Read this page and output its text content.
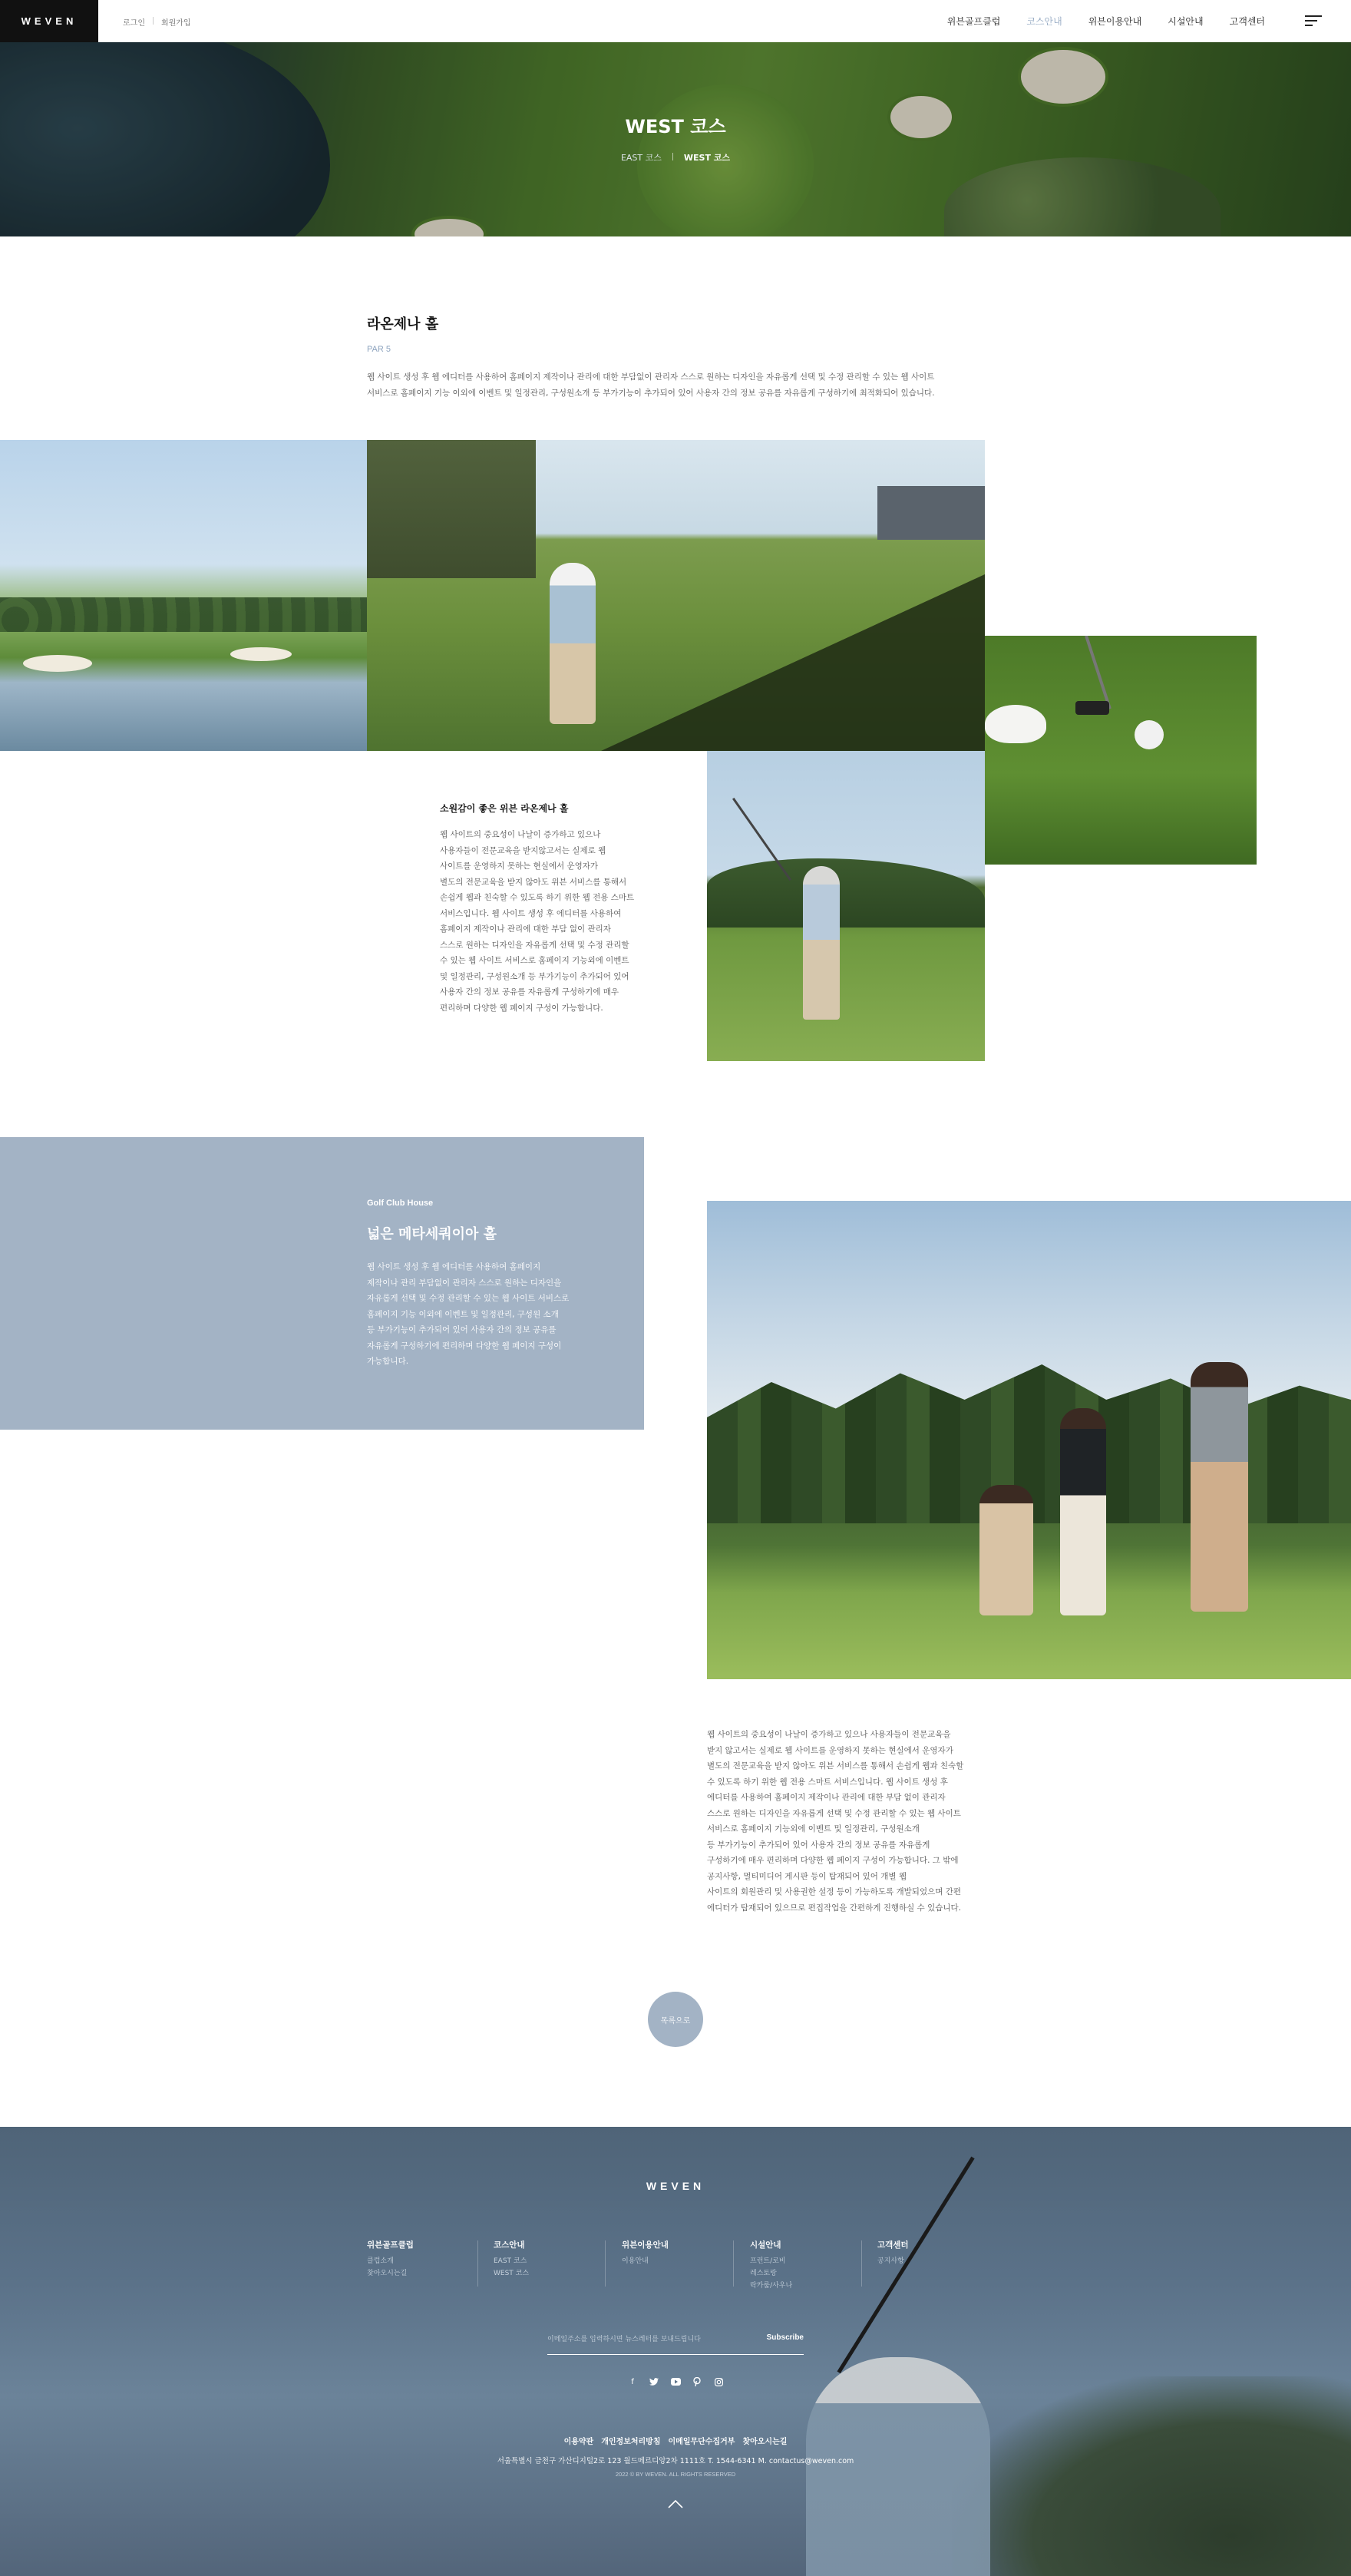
WEVEN	로그인 회원가입	위븐골프클럽	코스안내	위븐이용안내	시설안내	고객센터
WEST 코스
EAST 코스	WEST 코스
라온제나 홀
PAR 5
웹 사이트 생성 후 웹 에디터를 사용하여 홈페이지 제작이나 관리에 대한 부담없이 관리자 스스로 원하는 디자인을 자유롭게 선택 및 수정 관리할 수 있는 웹 사이트
서비스로 홈페이지 기능 이외에 이벤트 및 일정관리, 구성원소개 등 부가기능이 추가되어 있어 사용자 간의 정보 공유를 자유롭게 구성하기에 최적화되어 있습니다.
소원감이 좋은 위븐 라온제나 홀
웹 사이트의 중요성이 나날이 증가하고 있으나
사용자들이 전문교육을 받지않고서는 실제로 웹
사이트를 운영하지 못하는 현실에서 운영자가
별도의 전문교육을 받지 않아도 위븐 서비스를 통해서
손쉽게 웹과 친숙할 수 있도록 하기 위한 웹 전용 스마트
서비스입니다. 웹 사이트 생성 후 에디터를 사용하여
홈페이지 제작이나 관리에 대한 부담 없이 관리자
스스로 원하는 디자인을 자유롭게 선택 및 수정 관리할
수 있는 웹 사이트 서비스로 홈페이지 기능외에 이벤트
및 일정관리, 구성원소개 등 부가기능이 추가되어 있어
사용자 간의 정보 공유를 자유롭게 구성하기에 매우
편리하며 다양한 웹 페이지 구성이 가능합니다.
Golf Club House
넓은 메타세쿼이아 홀
웹 사이트 생성 후 웹 에디터를 사용하여 홈페이지
제작이나 관리 부담없이 관리자 스스로 원하는 디자인을
자유롭게 선택 및 수정 관리할 수 있는 웹 사이트 서비스로
홈페이지 기능 이외에 이벤트 및 일정관리, 구성원 소개
등 부가기능이 추가되어 있어 사용자 간의 정보 공유를
자유롭게 구성하기에 편리하며 다양한 웹 페이지 구성이
가능합니다.
웹 사이트의 중요성이 나날이 증가하고 있으나 사용자들이 전문교육을
받지 않고서는 실제로 웹 사이트를 운영하지 못하는 현실에서 운영자가
별도의 전문교육을 받지 않아도 위븐 서비스를 통해서 손쉽게 웹과 친숙할
수 있도록 하기 위한 웹 전용 스마트 서비스입니다. 웹 사이트 생성 후
에디터를 사용하여 홈페이지 제작이나 관리에 대한 부담 없이 관리자
스스로 원하는 디자인을 자유롭게 선택 및 수정 관리할 수 있는 웹 사이트
서비스로 홈페이지 기능외에 이벤트 및 일정관리, 구성원소개
등 부가기능이 추가되어 있어 사용자 간의 정보 공유를 자유롭게
구성하기에 매우 편리하며 다양한 웹 페이지 구성이 가능합니다. 그 밖에
공지사항, 멀티미디어 게시판 등이 탑재되어 있어 개별 웹
사이트의 회원관리 및 사용권한 설정 등이 가능하도록 개발되었으며 간편
에디터가 탑재되어 있으므로 편집작업을 간편하게 진행하실 수 있습니다.
목록으로
WEVEN
위븐골프클럽
클럽소개
찾아오시는길
코스안내
EAST 코스
WEST 코스
위븐이용안내
이용안내
시설안내
프런트/로비
레스토랑
락카룸/사우나
고객센터
공지사항
이메일주소를 입력하시면 뉴스레터를 보내드립니다
Subscribe
f
이용약관 개인정보처리방침 이메일무단수집거부 찾아오시는길
서울특별시 금천구 가산디지털2로 123 월드메르디앙2차 1111호 T. 1544-6341 M. contactus@weven.com
2022 © BY WEVEN. ALL RIGHTS RESERVED
